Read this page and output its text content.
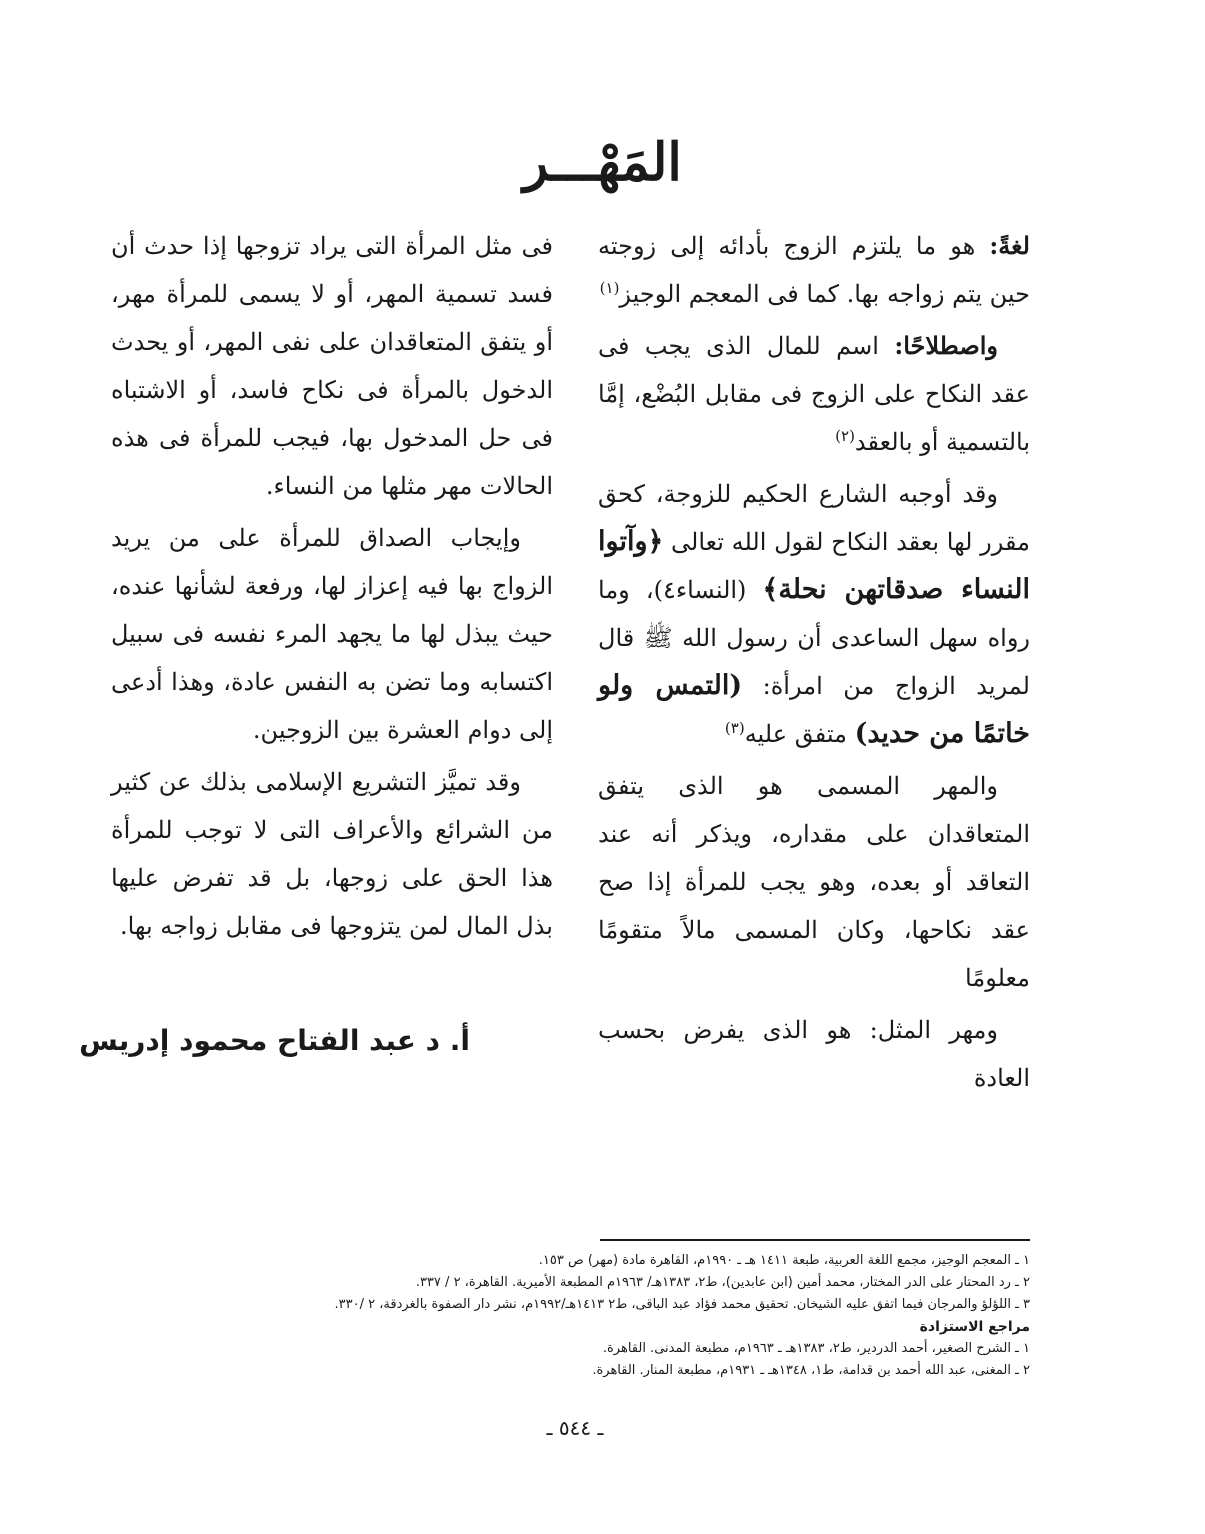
المَهْـــر

لغةً: هو ما يلتزم الزوج بأدائه إلى زوجته حين يتم زواجه بها. كما فى المعجم الوجيز$^{(١)}$

واصطلاحًا: اسم للمال الذى يجب فى عقد النكاح على الزوج فى مقابل البُضْع، إمَّا بالتسمية أو بالعقد$^{(٢)}$

وقد أوجبه الشارع الحكيم للزوجة، كحق مقرر لها بعقد النكاح لقول الله تعالى ﴿وآتوا النساء صدقاتهن نحلة﴾ (النساء٤)، وما رواه سهل الساعدى أن رسول الله ﷺ قال لمريد الزواج من امرأة: (التمس ولو خاتمًا من حديد) متفق عليه$^{(٣)}$

والمهر المسمى هو الذى يتفق المتعاقدان على مقداره، ويذكر أنه عند التعاقد أو بعده، وهو يجب للمرأة إذا صح عقد نكاحها، وكان المسمى مالاً متقومًا معلومًا

ومهر المثل: هو الذى يفرض بحسب العادة

فى مثل المرأة التى يراد تزوجها إذا حدث أن فسد تسمية المهر، أو لا يسمى للمرأة مهر، أو يتفق المتعاقدان على نفى المهر، أو يحدث الدخول بالمرأة فى نكاح فاسد، أو الاشتباه فى حل المدخول بها، فيجب للمرأة فى هذه الحالات مهر مثلها من النساء.

وإيجاب الصداق للمرأة على من يريد الزواج بها فيه إعزاز لها، ورفعة لشأنها عنده، حيث يبذل لها ما يجهد المرء نفسه فى سبيل اكتسابه وما تضن به النفس عادة، وهذا أدعى إلى دوام العشرة بين الزوجين.

وقد تميَّز التشريع الإسلامى بذلك عن كثير من الشرائع والأعراف التى لا توجب للمرأة هذا الحق على زوجها، بل قد تفرض عليها بذل المال لمن يتزوجها فى مقابل زواجه بها.

أ. د عبد الفتاح محمود إدريس
١ ـ المعجم الوجيز، مجمع اللغة العربية، طبعة ١٤١١ هـ ـ ١٩٩٠م، القاهرة مادة (مهر) ص ١٥٣.
٢ ـ رد المحتار على الدر المختار، محمد أمين (ابن عابدين)، ط٢، ١٣٨٣هـ/ ١٩٦٣م المطبعة الأميرية. القاهرة، ٢ / ٣٣٧.
٣ ـ اللؤلؤ والمرجان فيما اتفق عليه الشيخان. تحقيق محمد فؤاد عبد الباقى، ط٢ ١٤١٣هـ/١٩٩٢م، نشر دار الصفوة بالغردقة، ٢ /٣٣٠.
مراجع الاستزادة
١ ـ الشرح الصغير، أحمد الدردير، ط٢، ١٣٨٣هـ ـ ١٩٦٣م، مطبعة المدنى. القاهرة.
٢ ـ المغنى، عبد الله أحمد بن قدامة، ط١، ١٣٤٨هـ ـ ١٩٣١م، مطبعة المنار. القاهرة.
ـ ٥٤٤ ـ
